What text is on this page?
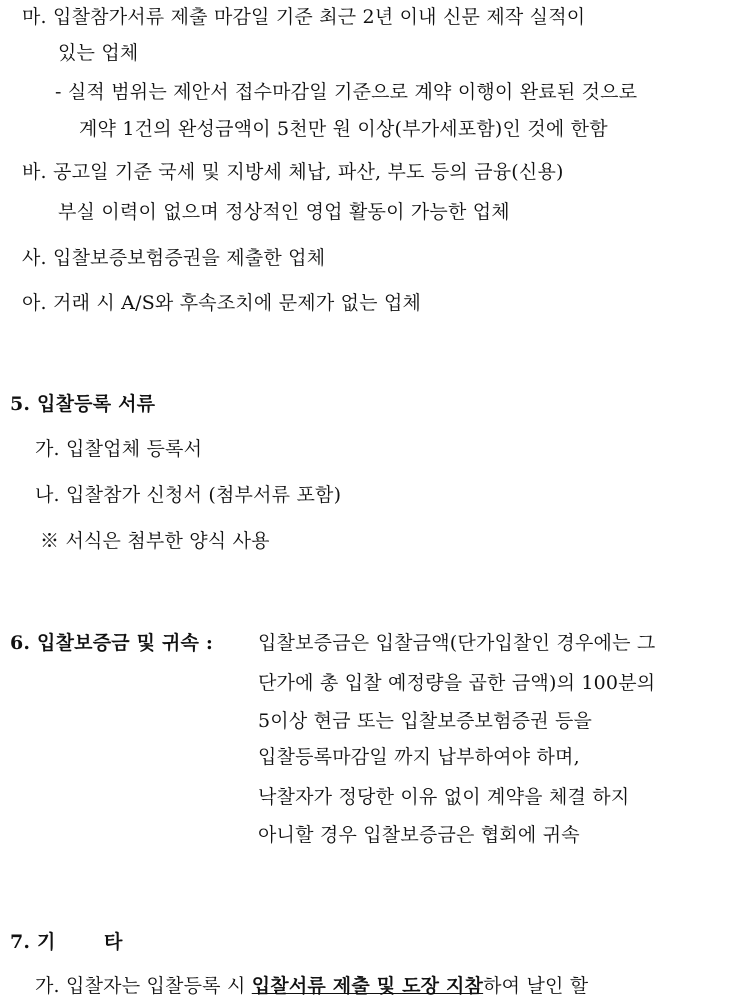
마. 입찰참가서류 제출 마감일 기준 최근 2년 이내 신문 제작 실적이
있는 업체
- 실적 범위는 제안서 접수마감일 기준으로 계약 이행이 완료된 것으로
계약 1건의 완성금액이 5천만 원 이상(부가세포함)인 것에 한함
바. 공고일 기준 국세 및 지방세 체납, 파산, 부도 등의 금융(신용)
부실 이력이 없으며 정상적인 영업 활동이 가능한 업체
사. 입찰보증보험증권을 제출한 업체
아. 거래 시 A/S와 후속조치에 문제가 없는 업체
5. 입찰등록 서류
가. 입찰업체 등록서
나. 입찰참가 신청서 (첨부서류 포함)
※ 서식은 첨부한 양식 사용
6. 입찰보증금 및 귀속 : 입찰보증금은 입찰금액(단가입찰인 경우에는 그
단가에 총 입찰 예정량을 곱한 금액)의 100분의
5이상 현금 또는 입찰보증보험증권 등을
입찰등록마감일 까지 납부하여야 하며,
낙찰자가 정당한 이유 없이 계약을 체결 하지
아니할 경우 입찰보증금은 협회에 귀속
7. 기	타
가. 입찰자는 입찰등록 시 입찰서류 제출 및 도장 지참하여 날인 할
